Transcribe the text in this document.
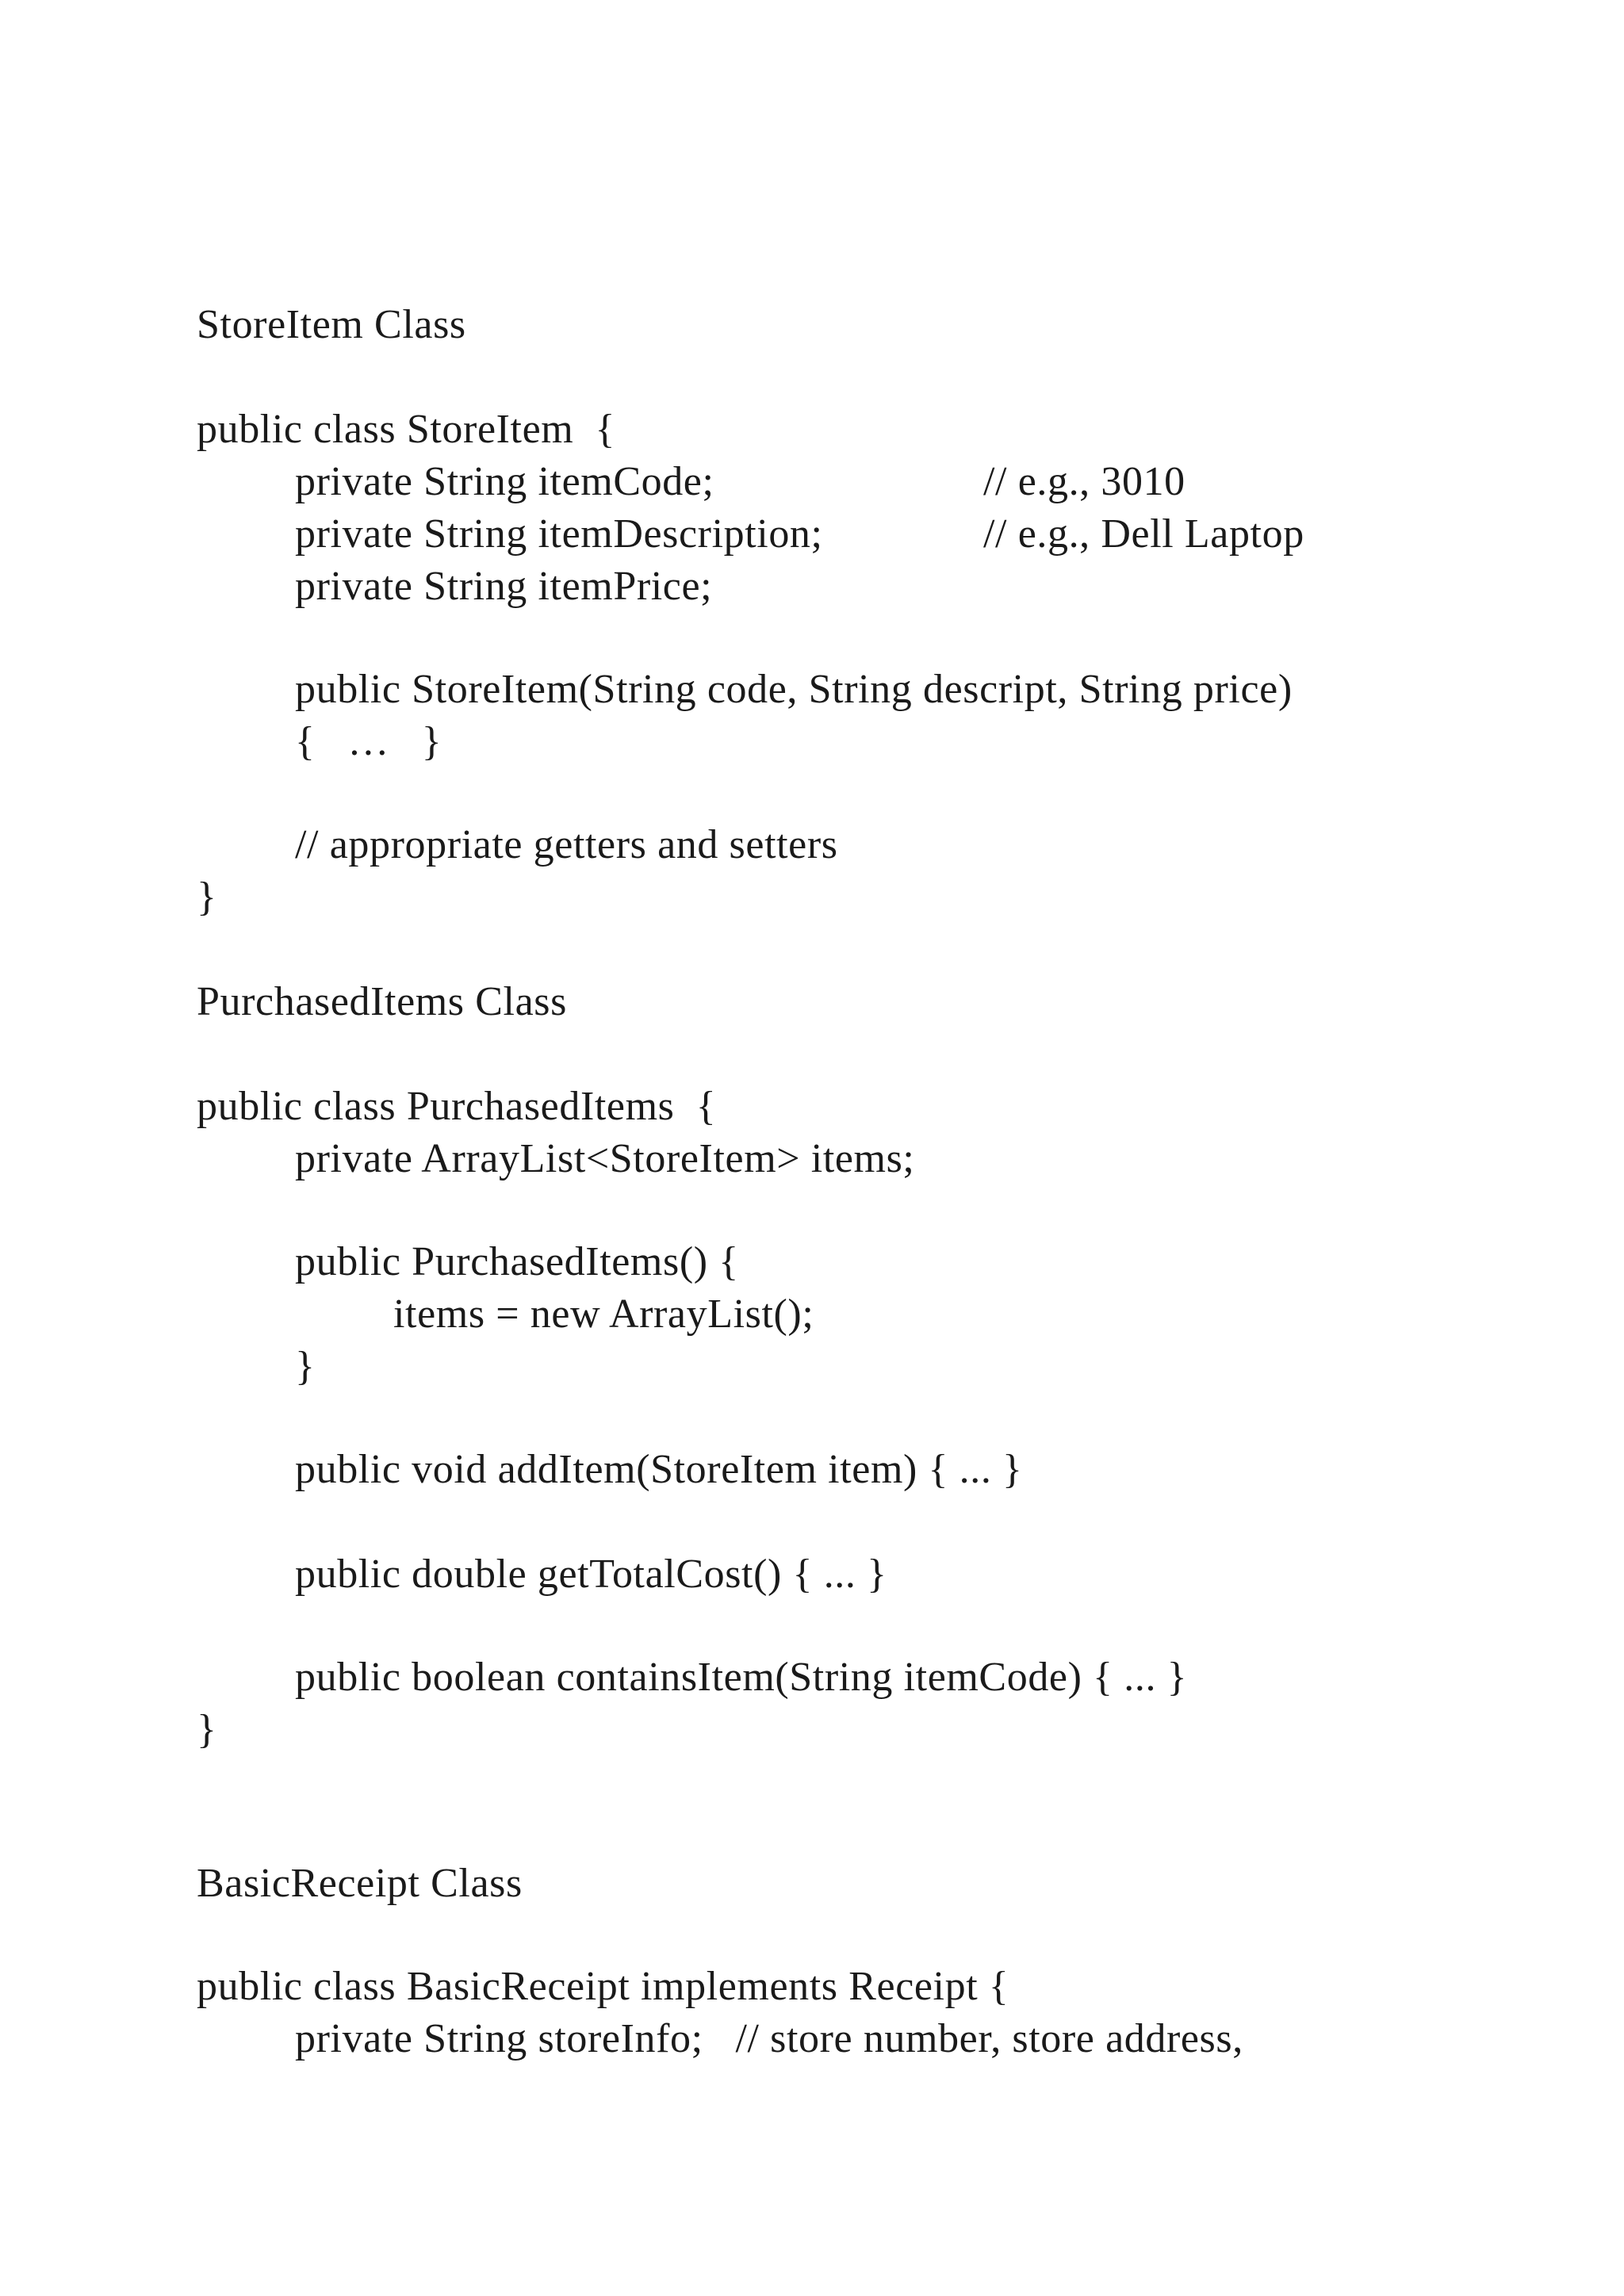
StoreItem Class
public class StoreItem  {
private String itemCode;	// e.g., 3010
private String itemDescription;	// e.g., Dell Laptop
private String itemPrice;
public StoreItem(String code, String descript, String price)
{   …   }
// appropriate getters and setters
}
PurchasedItems Class
public class PurchasedItems  {
private ArrayList<StoreItem> items;
public PurchasedItems() {
items = new ArrayList();
}
public void addItem(StoreItem item) { ... }
public double getTotalCost() { ... }
public boolean containsItem(String itemCode) { ... }
}
BasicReceipt Class
public class BasicReceipt implements Receipt {
private String storeInfo;   // store number, store address,
